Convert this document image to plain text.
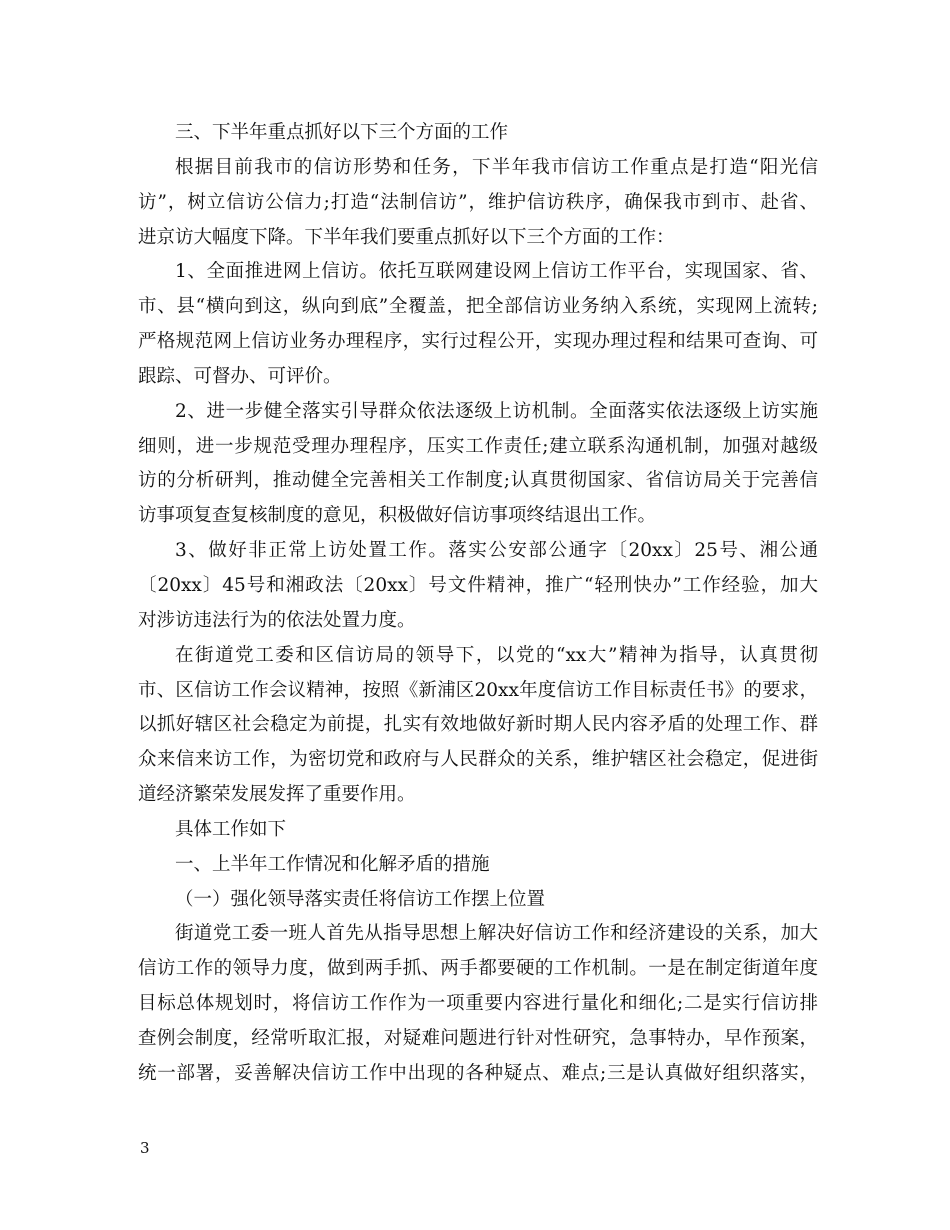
三、下半年重点抓好以下三个方面的工作
根据目前我市的信访形势和任务，下半年我市信访工作重点是打造“阳光信
访”，树立信访公信力;打造“法制信访”，维护信访秩序，确保我市到市、赴省、
进京访大幅度下降。下半年我们要重点抓好以下三个方面的工作：
1、全面推进网上信访。依托互联网建设网上信访工作平台，实现国家、省、
市、县“横向到这，纵向到底”全覆盖，把全部信访业务纳入系统，实现网上流转;
严格规范网上信访业务办理程序，实行过程公开，实现办理过程和结果可查询、可
跟踪、可督办、可评价。
2、进一步健全落实引导群众依法逐级上访机制。全面落实依法逐级上访实施
细则，进一步规范受理办理程序，压实工作责任;建立联系沟通机制，加强对越级
访的分析研判，推动健全完善相关工作制度;认真贯彻国家、省信访局关于完善信
访事项复查复核制度的意见，积极做好信访事项终结退出工作。
3、做好非正常上访处置工作。落实公安部公通字〔20xx〕25号、湘公通
〔20xx〕45号和湘政法〔20xx〕号文件精神，推广“轻刑快办”工作经验，加大
对涉访违法行为的依法处置力度。
在街道党工委和区信访局的领导下，以党的“xx大”精神为指导，认真贯彻
市、区信访工作会议精神，按照《新浦区20xx年度信访工作目标责任书》的要求，
以抓好辖区社会稳定为前提，扎实有效地做好新时期人民内容矛盾的处理工作、群
众来信来访工作，为密切党和政府与人民群众的关系，维护辖区社会稳定，促进街
道经济繁荣发展发挥了重要作用。
具体工作如下
一、上半年工作情况和化解矛盾的措施
（一）强化领导落实责任将信访工作摆上位置
街道党工委一班人首先从指导思想上解决好信访工作和经济建设的关系，加大
信访工作的领导力度，做到两手抓、两手都要硬的工作机制。一是在制定街道年度
目标总体规划时，将信访工作作为一项重要内容进行量化和细化;二是实行信访排
查例会制度，经常听取汇报，对疑难问题进行针对性研究，急事特办，早作预案，
统一部署，妥善解决信访工作中出现的各种疑点、难点;三是认真做好组织落实，
3
